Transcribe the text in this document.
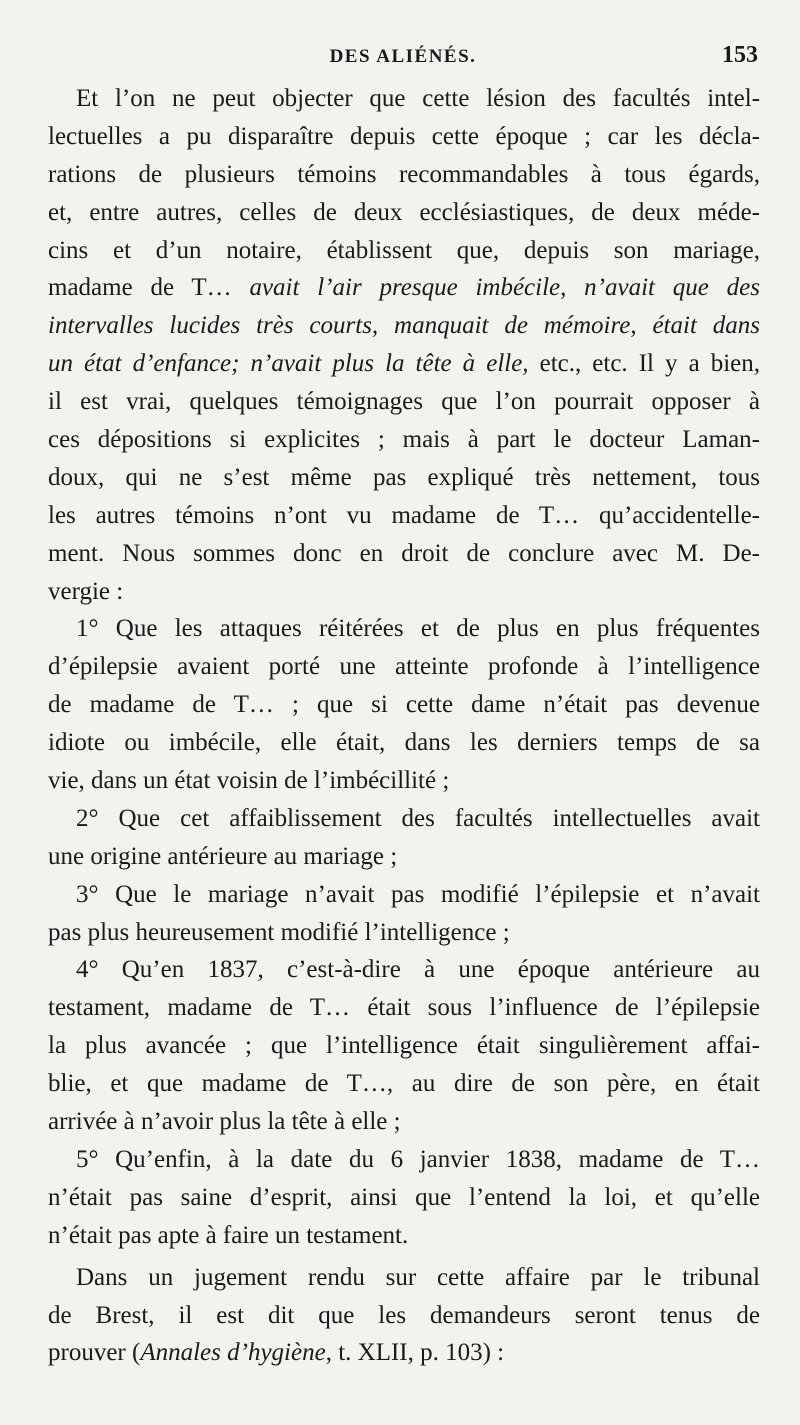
DES ALIÉNÉS.	153
Et l’on ne peut objecter que cette lésion des facultés intel-
lectuelles a pu disparaître depuis cette époque ; car les décla-
rations de plusieurs témoins recommandables à tous égards,
et, entre autres, celles de deux ecclésiastiques, de deux méde-
cins et d’un notaire, établissent que, depuis son mariage,
madame de T… avait l’air presque imbécile, n’avait que des
intervalles lucides très courts, manquait de mémoire, était dans
un état d’enfance; n’avait plus la tête à elle, etc., etc. Il y a bien,
il est vrai, quelques témoignages que l’on pourrait opposer à
ces dépositions si explicites ; mais à part le docteur Laman-
doux, qui ne s’est même pas expliqué très nettement, tous
les autres témoins n’ont vu madame de T… qu’accidentelle-
ment. Nous sommes donc en droit de conclure avec M. De-
vergie :
1° Que les attaques réitérées et de plus en plus fréquentes
d’épilepsie avaient porté une atteinte profonde à l’intelligence
de madame de T… ; que si cette dame n’était pas devenue
idiote ou imbécile, elle était, dans les derniers temps de sa
vie, dans un état voisin de l’imbécillité ;
2° Que cet affaiblissement des facultés intellectuelles avait
une origine antérieure au mariage ;
3° Que le mariage n’avait pas modifié l’épilepsie et n’avait
pas plus heureusement modifié l’intelligence ;
4° Qu’en 1837, c’est-à-dire à une époque antérieure au
testament, madame de T… était sous l’influence de l’épilepsie
la plus avancée ; que l’intelligence était singulièrement affai-
blie, et que madame de T…, au dire de son père, en était
arrivée à n’avoir plus la tête à elle ;
5° Qu’enfin, à la date du 6 janvier 1838, madame de T…
n’était pas saine d’esprit, ainsi que l’entend la loi, et qu’elle
n’était pas apte à faire un testament.
Dans un jugement rendu sur cette affaire par le tribunal
de Brest, il est dit que les demandeurs seront tenus de
prouver (Annales d’hygiène, t. XLII, p. 103) :
